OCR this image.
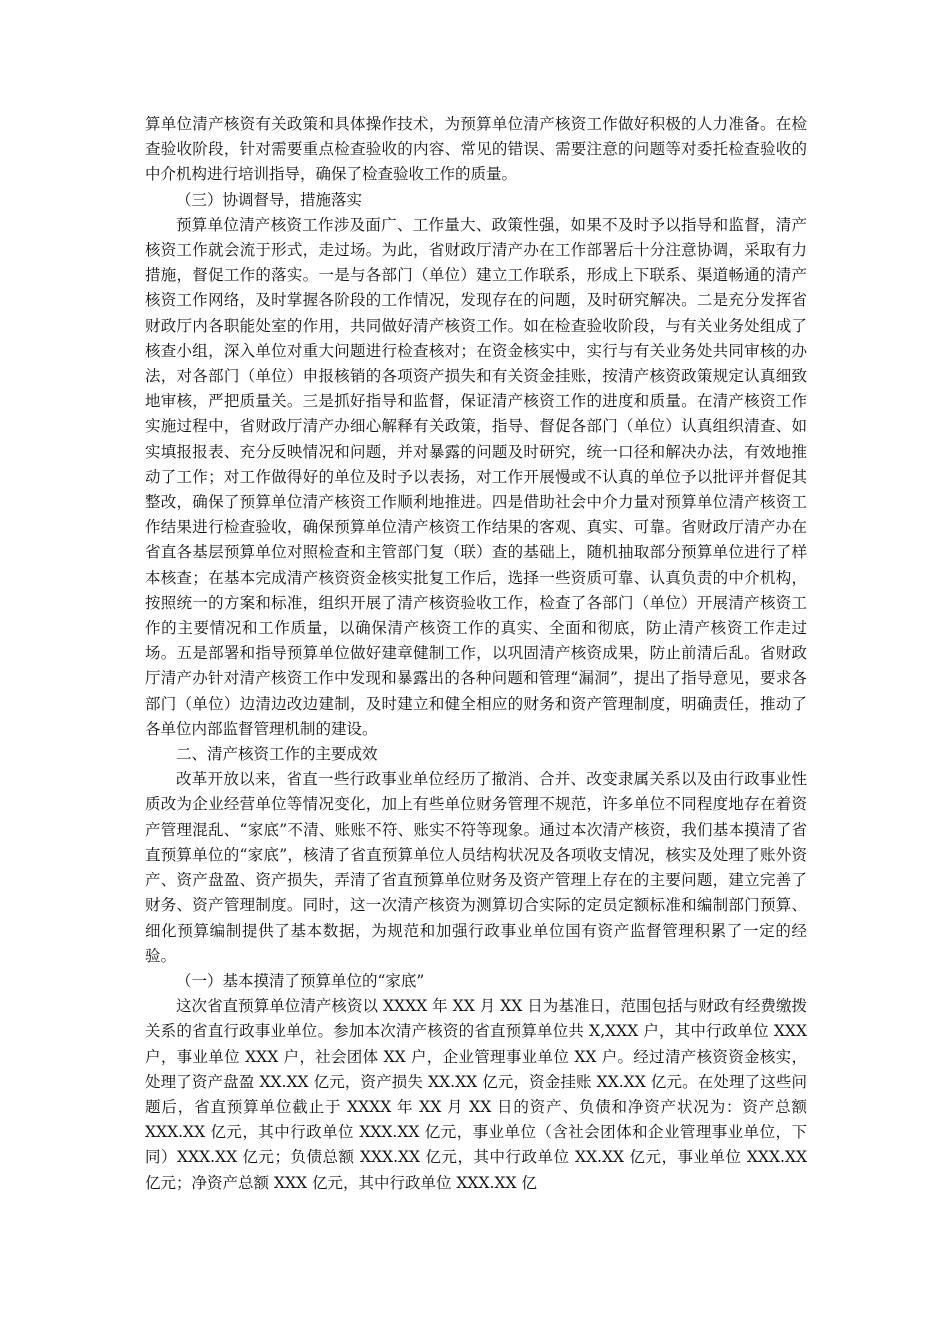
算单位清产核资有关政策和具体操作技术，为预算单位清产核资工作做好积极的人力准备。在检查验收阶段，针对需要重点检查验收的内容、常见的错误、需要注意的问题等对委托检查验收的中介机构进行培训指导，确保了检查验收工作的质量。

（三）协调督导，措施落实

预算单位清产核资工作涉及面广、工作量大、政策性强，如果不及时予以指导和监督，清产核资工作就会流于形式，走过场。为此，省财政厅清产办在工作部署后十分注意协调，采取有力措施，督促工作的落实。一是与各部门（单位）建立工作联系，形成上下联系、渠道畅通的清产核资工作网络，及时掌握各阶段的工作情况，发现存在的问题，及时研究解决。二是充分发挥省财政厅内各职能处室的作用，共同做好清产核资工作。如在检查验收阶段，与有关业务处组成了核查小组，深入单位对重大问题进行检查核对；在资金核实中，实行与有关业务处共同审核的办法，对各部门（单位）申报核销的各项资产损失和有关资金挂账，按清产核资政策规定认真细致地审核，严把质量关。三是抓好指导和监督，保证清产核资工作的进度和质量。在清产核资工作实施过程中，省财政厅清产办细心解释有关政策，指导、督促各部门（单位）认真组织清查、如实填报报表、充分反映情况和问题，并对暴露的问题及时研究，统一口径和解决办法，有效地推动了工作；对工作做得好的单位及时予以表扬，对工作开展慢或不认真的单位予以批评并督促其整改，确保了预算单位清产核资工作顺利地推进。四是借助社会中介力量对预算单位清产核资工作结果进行检查验收，确保预算单位清产核资工作结果的客观、真实、可靠。省财政厅清产办在省直各基层预算单位对照检查和主管部门复（联）查的基础上，随机抽取部分预算单位进行了样本核查；在基本完成清产核资资金核实批复工作后，选择一些资质可靠、认真负责的中介机构，按照统一的方案和标准，组织开展了清产核资验收工作，检查了各部门（单位）开展清产核资工作的主要情况和工作质量，以确保清产核资工作的真实、全面和彻底，防止清产核资工作走过场。五是部署和指导预算单位做好建章健制工作，以巩固清产核资成果，防止前清后乱。省财政厅清产办针对清产核资工作中发现和暴露出的各种问题和管理“漏洞”，提出了指导意见，要求各部门（单位）边清边改边建制，及时建立和健全相应的财务和资产管理制度，明确责任，推动了各单位内部监督管理机制的建设。

二、清产核资工作的主要成效

改革开放以来，省直一些行政事业单位经历了撤消、合并、改变隶属关系以及由行政事业性质改为企业经营单位等情况变化，加上有些单位财务管理不规范，许多单位不同程度地存在着资产管理混乱、“家底”不清、账账不符、账实不符等现象。通过本次清产核资，我们基本摸清了省直预算单位的“家底”，核清了省直预算单位人员结构状况及各项收支情况，核实及处理了账外资产、资产盘盈、资产损失，弄清了省直预算单位财务及资产管理上存在的主要问题，建立完善了财务、资产管理制度。同时，这一次清产核资为测算切合实际的定员定额标准和编制部门预算、细化预算编制提供了基本数据，为规范和加强行政事业单位国有资产监督管理积累了一定的经验。

（一）基本摸清了预算单位的“家底”

这次省直预算单位清产核资以 XXXX 年 XX 月 XX 日为基准日，范围包括与财政有经费缴拨关系的省直行政事业单位。参加本次清产核资的省直预算单位共 X,XXX 户，其中行政单位 XXX 户，事业单位 XXX 户，社会团体 XX 户，企业管理事业单位 XX 户。经过清产核资资金核实，处理了资产盘盈 XX.XX 亿元，资产损失 XX.XX 亿元，资金挂账 XX.XX 亿元。在处理了这些问题后，省直预算单位截止于 XXXX 年 XX 月 XX 日的资产、负债和净资产状况为：资产总额 XXX.XX 亿元，其中行政单位 XXX.XX 亿元，事业单位（含社会团体和企业管理事业单位，下同）XXX.XX 亿元；负债总额 XXX.XX 亿元，其中行政单位 XX.XX 亿元，事业单位 XXX.XX 亿元；净资产总额 XXX 亿元，其中行政单位 XXX.XX 亿
